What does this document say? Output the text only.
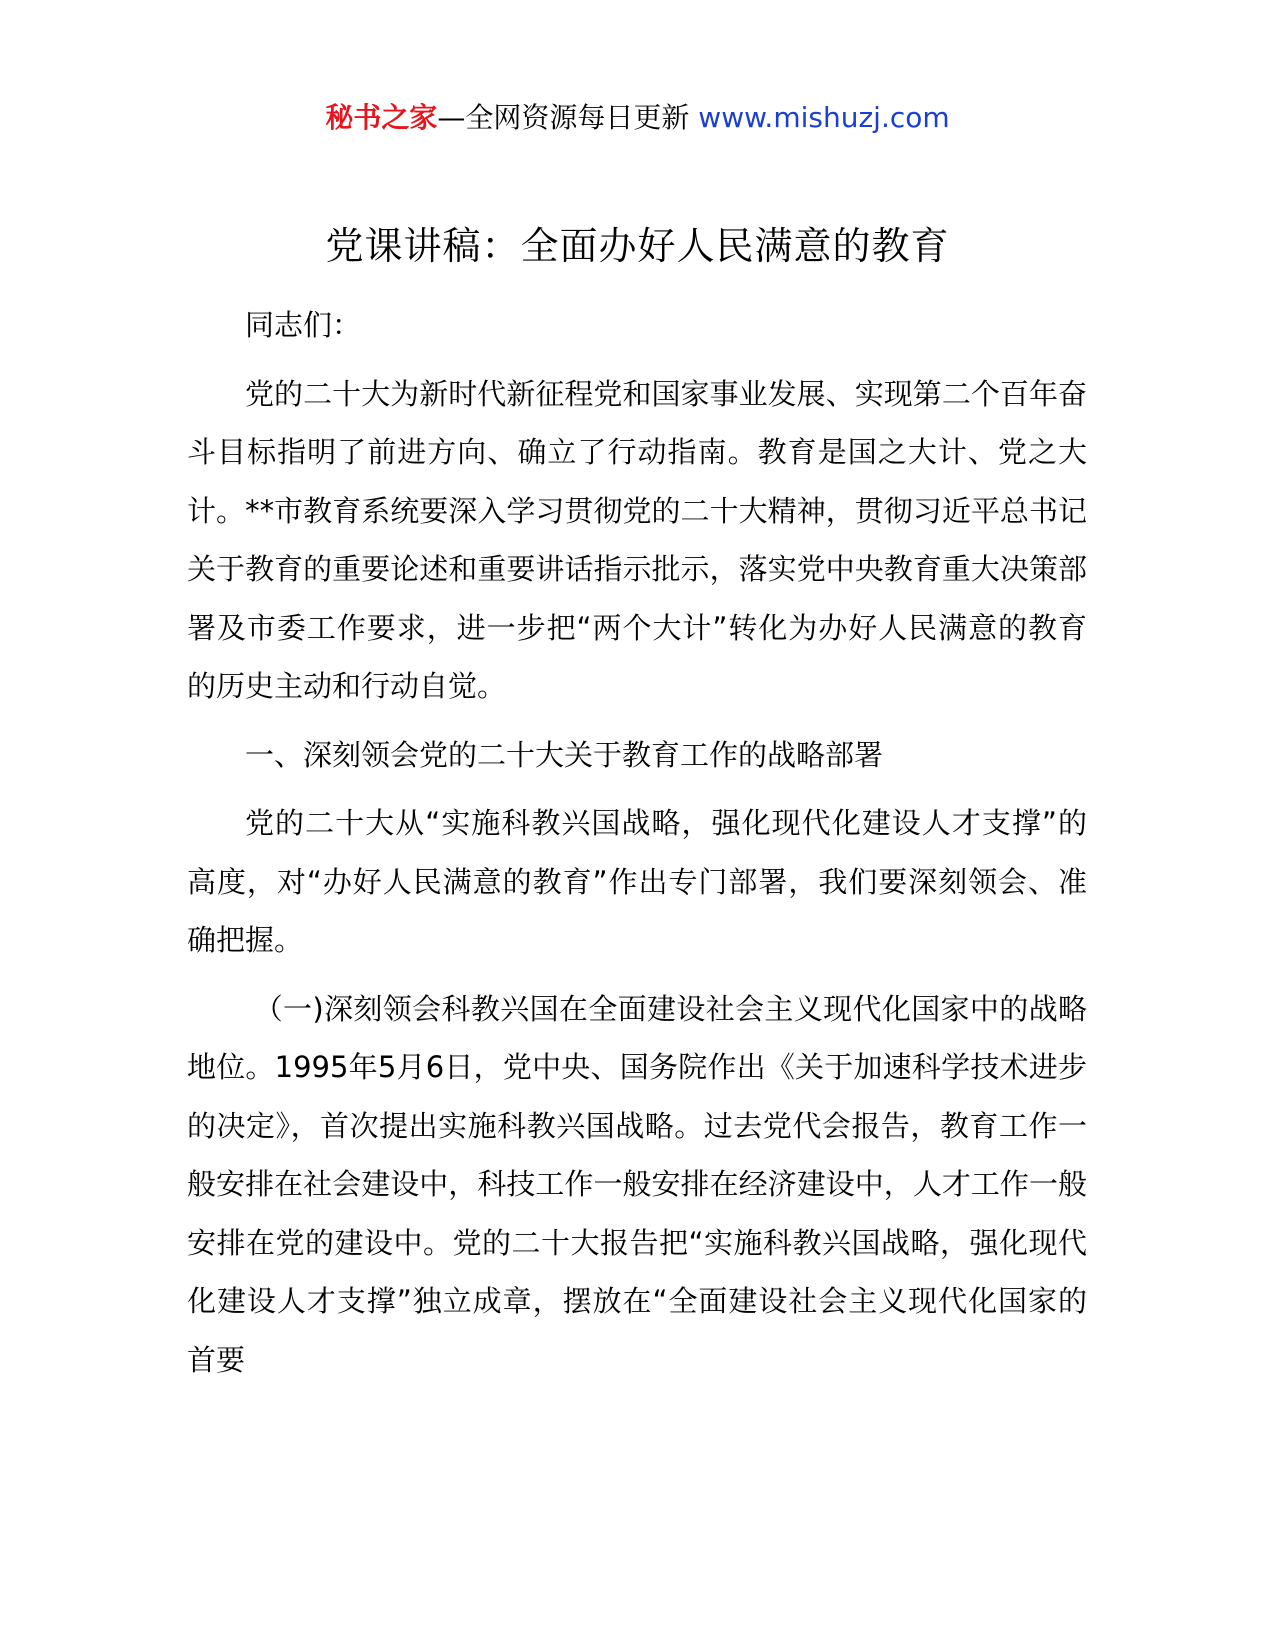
秘书之家—全网资源每日更新 www.mishuzj.com
党课讲稿：全面办好人民满意的教育

同志们：

党的二十大为新时代新征程党和国家事业发展、实现第二个百年奋斗目标指明了前进方向、确立了行动指南。教育是国之大计、党之大计。**市教育系统要深入学习贯彻党的二十大精神，贯彻习近平总书记关于教育的重要论述和重要讲话指示批示，落实党中央教育重大决策部署及市委工作要求，进一步把“两个大计”转化为办好人民满意的教育的历史主动和行动自觉。

一、深刻领会党的二十大关于教育工作的战略部署

党的二十大从“实施科教兴国战略，强化现代化建设人才支撑”的高度，对“办好人民满意的教育”作出专门部署，我们要深刻领会、准确把握。

（一)深刻领会科教兴国在全面建设社会主义现代化国家中的战略地位。1995年5月6日，党中央、国务院作出《关于加速科学技术进步的决定》，首次提出实施科教兴国战略。过去党代会报告，教育工作一般安排在社会建设中，科技工作一般安排在经济建设中，人才工作一般安排在党的建设中。党的二十大报告把“实施科教兴国战略，强化现代化建设人才支撑”独立成章，摆放在“全面建设社会主义现代化国家的首要
